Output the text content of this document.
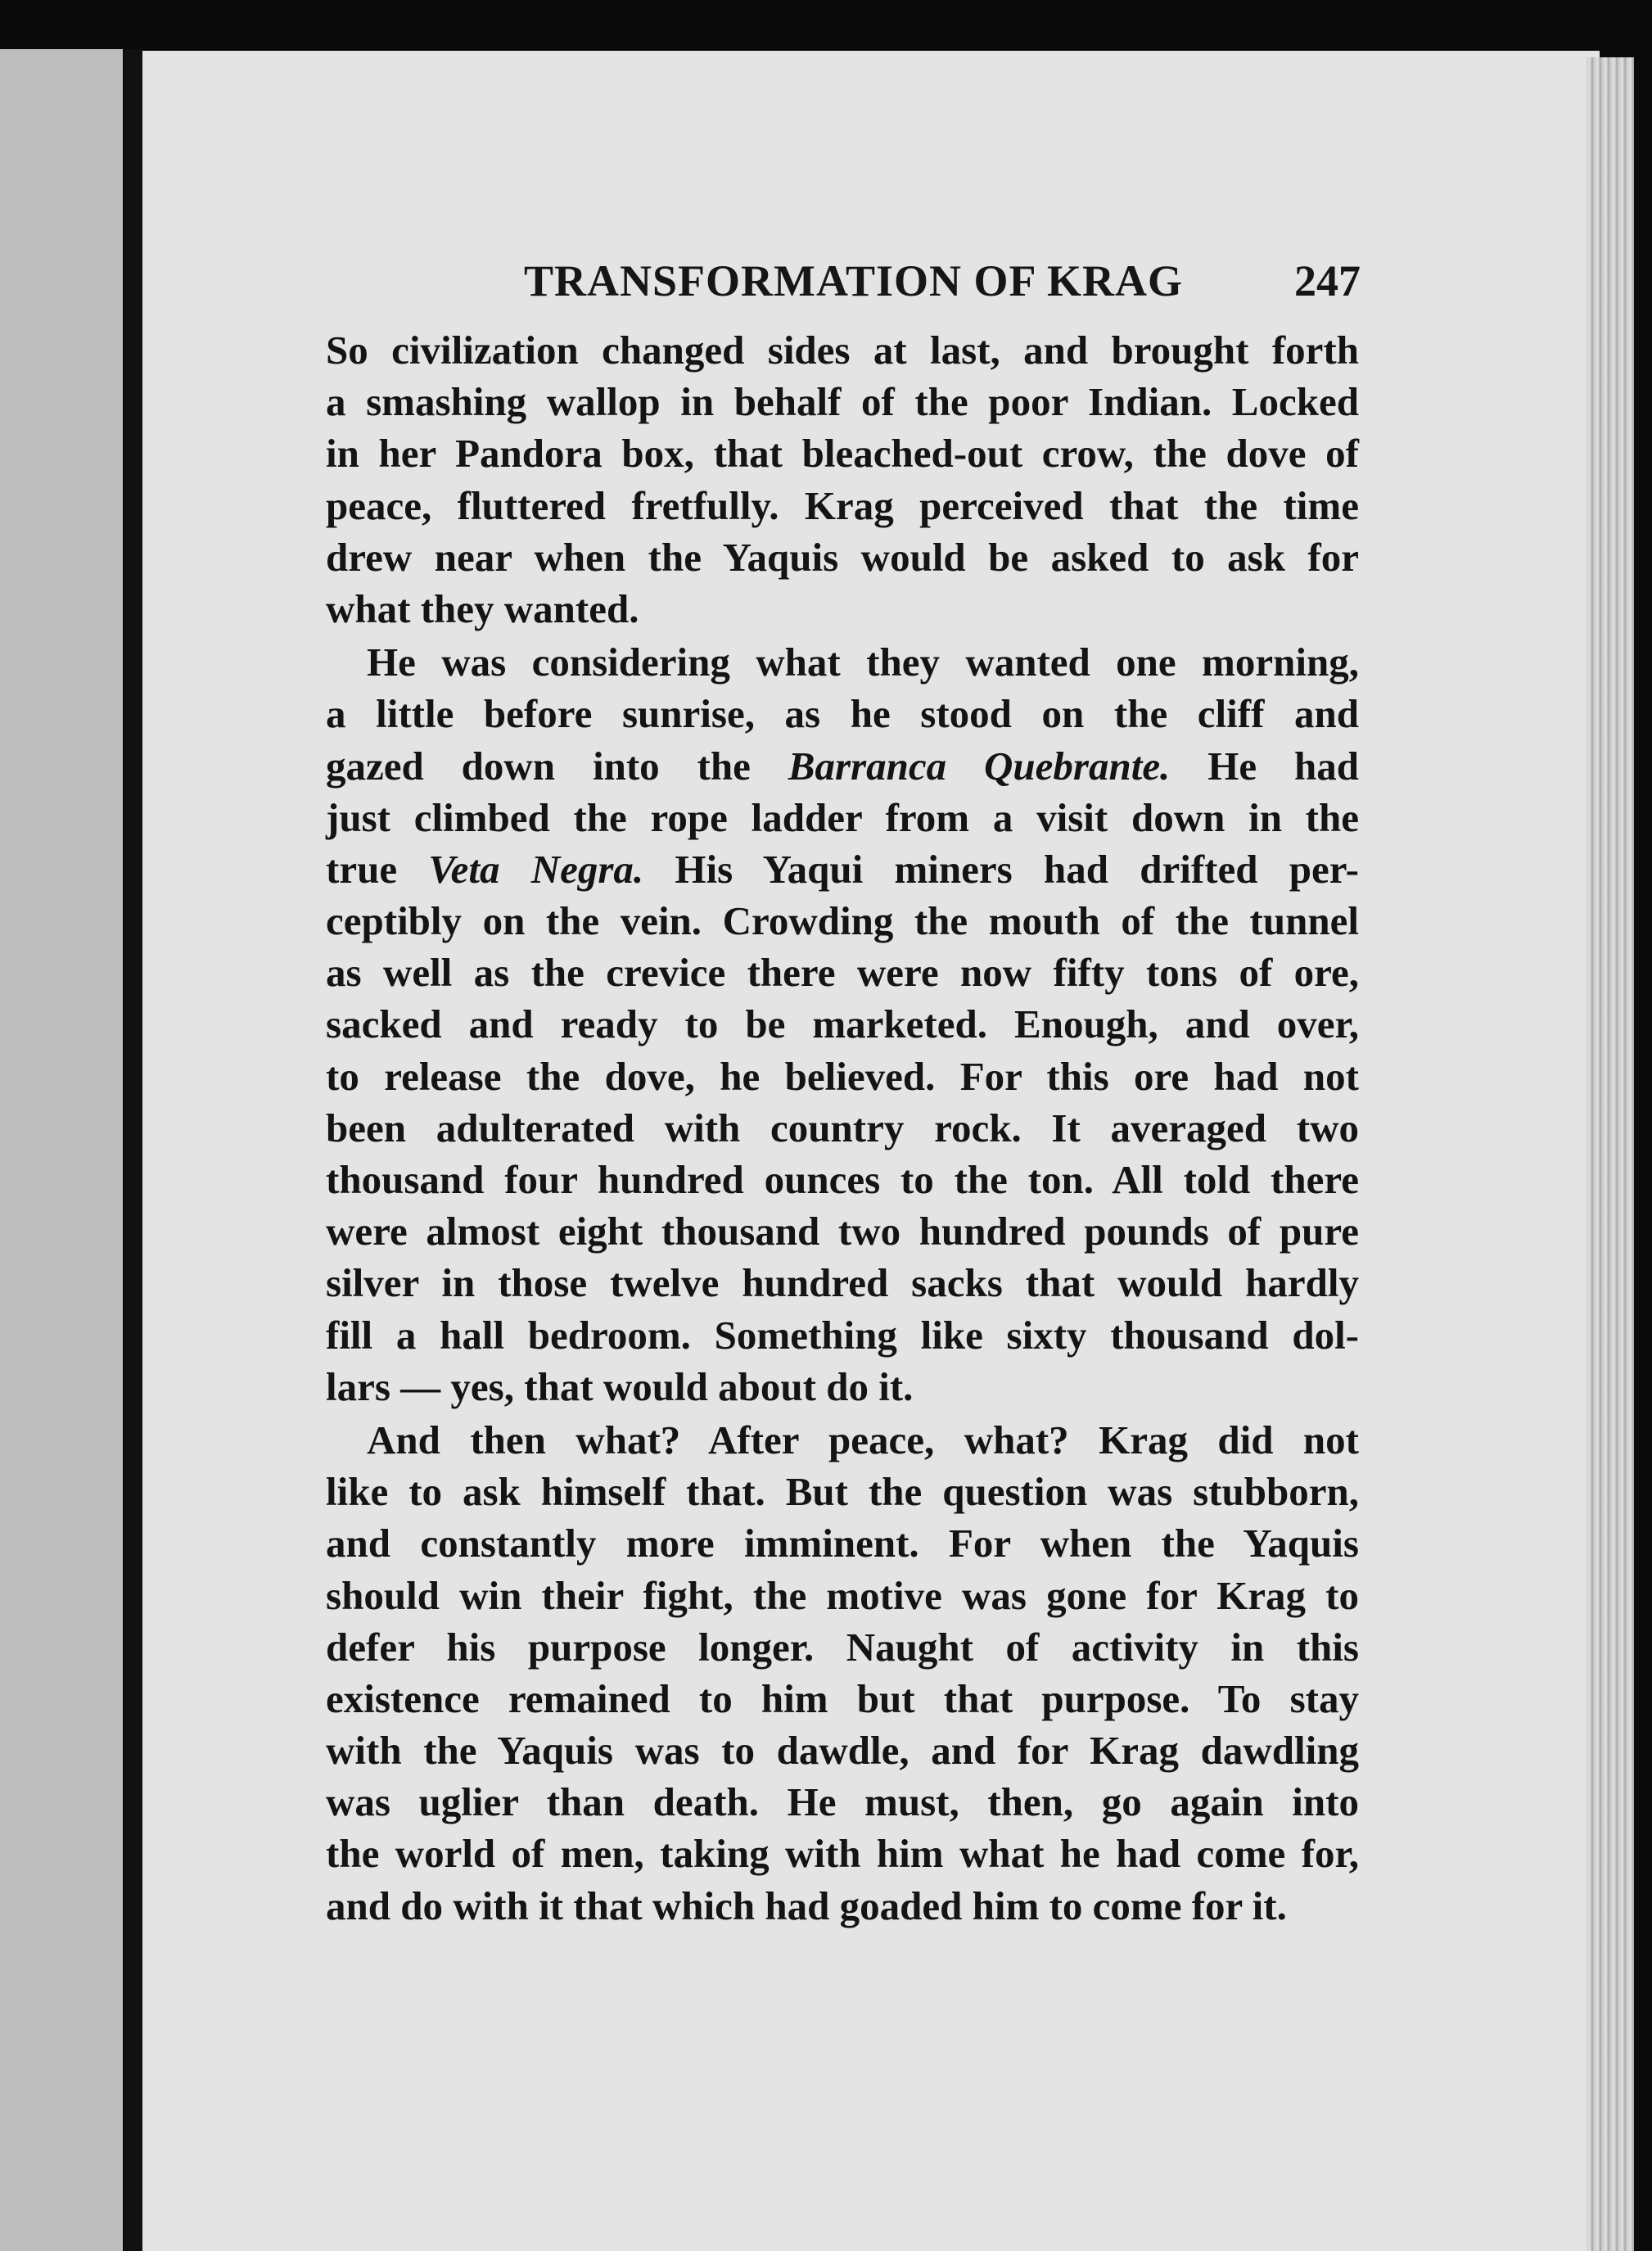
TRANSFORMATION OF KRAG	247
So civilization changed sides at last, and brought forth
a smashing wallop in behalf of the poor Indian. Locked
in her Pandora box, that bleached-out crow, the dove of
peace, fluttered fretfully. Krag perceived that the time
drew near when the Yaquis would be asked to ask for
what they wanted.
He was considering what they wanted one morning,
a little before sunrise, as he stood on the cliff and
gazed down into the Barranca Quebrante. He had
just climbed the rope ladder from a visit down in the
true Veta Negra. His Yaqui miners had drifted per-
ceptibly on the vein. Crowding the mouth of the tunnel
as well as the crevice there were now fifty tons of ore,
sacked and ready to be marketed. Enough, and over,
to release the dove, he believed. For this ore had not
been adulterated with country rock. It averaged two
thousand four hundred ounces to the ton. All told there
were almost eight thousand two hundred pounds of pure
silver in those twelve hundred sacks that would hardly
fill a hall bedroom. Something like sixty thousand dol-
lars — yes, that would about do it.
And then what? After peace, what? Krag did not
like to ask himself that. But the question was stubborn,
and constantly more imminent. For when the Yaquis
should win their fight, the motive was gone for Krag to
defer his purpose longer. Naught of activity in this
existence remained to him but that purpose. To stay
with the Yaquis was to dawdle, and for Krag dawdling
was uglier than death. He must, then, go again into
the world of men, taking with him what he had come for,
and do with it that which had goaded him to come for it.
